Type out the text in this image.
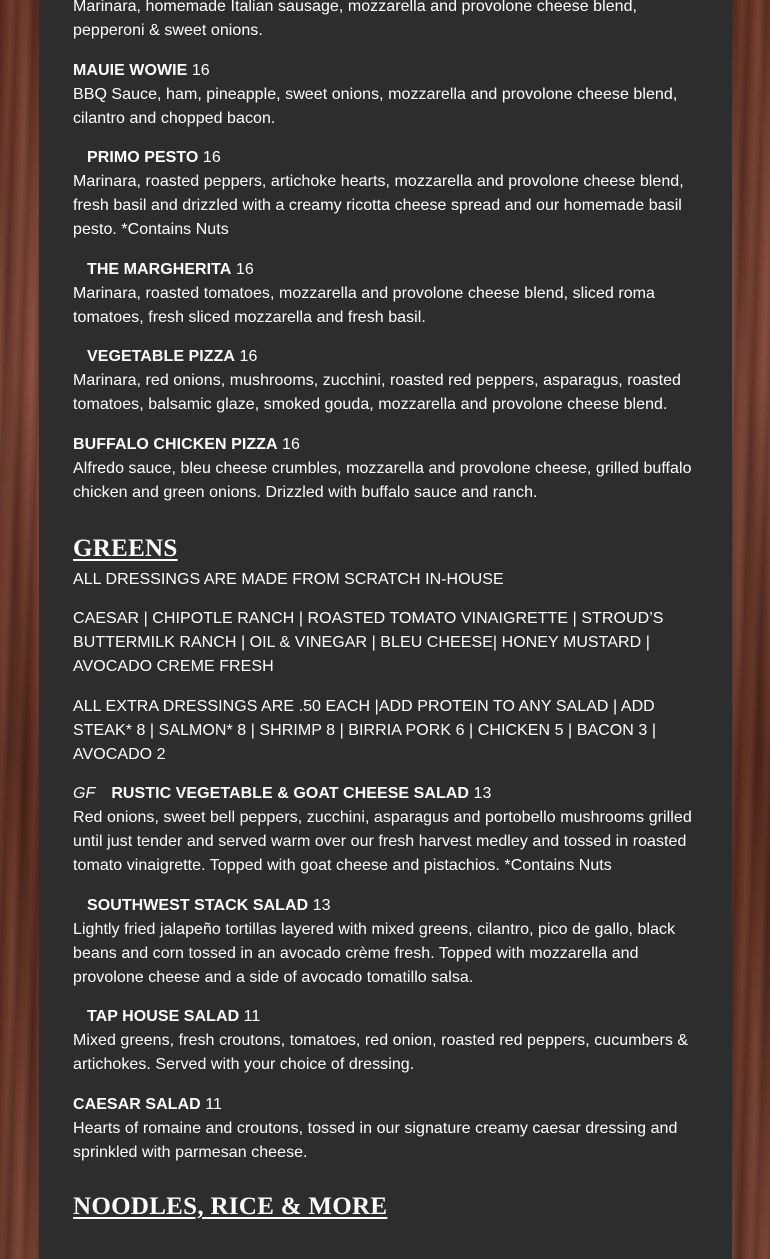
Marinara, homemade Italian sausage, mozzarella and provolone cheese blend, pepperoni & sweet onions.

MAUIE WOWIE 16

BBQ Sauce, ham, pineapple, sweet onions, mozzarella and provolone cheese blend, cilantro and chopped bacon.

PRIMO PESTO 16

Marinara, roasted peppers, artichoke hearts, mozzarella and provolone cheese blend, fresh basil and drizzled with a creamy ricotta cheese spread and our homemade basil pesto. *Contains Nuts

THE MARGHERITA 16

Marinara, roasted tomatoes, mozzarella and provolone cheese blend, sliced roma tomatoes, fresh sliced mozzarella and fresh basil.

VEGETABLE PIZZA 16

Marinara, red onions, mushrooms, zucchini, roasted red peppers, asparagus, roasted tomatoes, balsamic glaze, smoked gouda, mozzarella and provolone cheese blend.

BUFFALO CHICKEN PIZZA 16

Alfredo sauce, bleu cheese crumbles, mozzarella and provolone cheese, grilled buffalo chicken and green onions. Drizzled with buffalo sauce and ranch.

GREENS

ALL DRESSINGS ARE MADE FROM SCRATCH IN-HOUSE

CAESAR | CHIPOTLE RANCH | ROASTED TOMATO VINAIGRETTE | STROUD’S BUTTERMILK RANCH | OIL & VINEGAR | BLEU CHEESE| HONEY MUSTARD | AVOCADO CREME FRESH

ALL EXTRA DRESSINGS ARE .50 EACH |ADD PROTEIN TO ANY SALAD | ADD STEAK* 8 | SALMON* 8 | SHRIMP 8 | BIRRIA PORK 6 | CHICKEN 5 | BACON 3 | AVOCADO 2

GF RUSTIC VEGETABLE & GOAT CHEESE SALAD 13

Red onions, sweet bell peppers, zucchini, asparagus and portobello mushrooms grilled until just tender and served warm over our fresh harvest medley and tossed in roasted tomato vinaigrette. Topped with goat cheese and pistachios. *Contains Nuts

SOUTHWEST STACK SALAD 13

Lightly fried jalapeño tortillas layered with mixed greens, cilantro, pico de gallo, black beans and corn tossed in an avocado crème fresh. Topped with mozzarella and provolone cheese and a side of avocado tomatillo salsa.

TAP HOUSE SALAD 11

Mixed greens, fresh croutons, tomatoes, red onion, roasted red peppers, cucumbers & artichokes. Served with your choice of dressing.

CAESAR SALAD 11

Hearts of romaine and croutons, tossed in our signature creamy caesar dressing and sprinkled with parmesan cheese.

NOODLES, RICE & MORE
